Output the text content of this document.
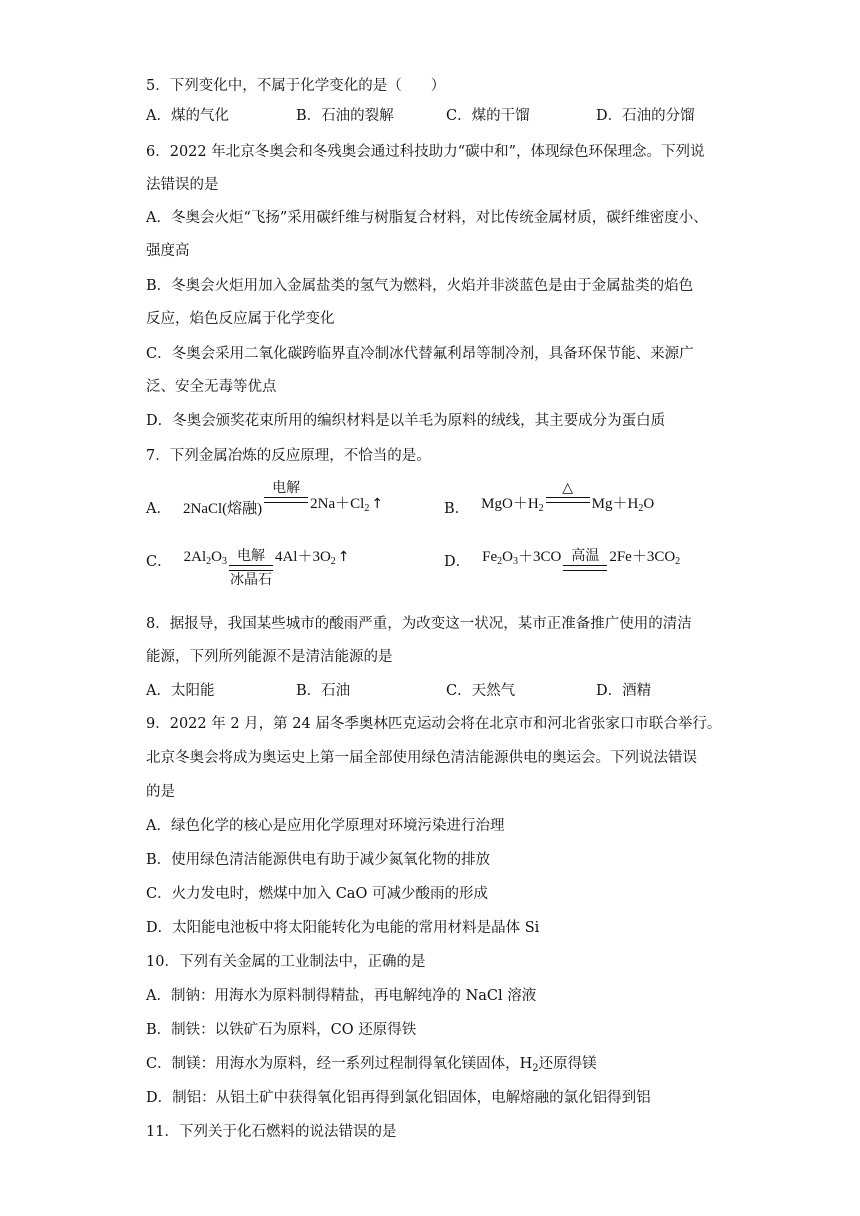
5．下列变化中，不属于化学变化的是（　　）
A．煤的气化	B．石油的裂解	C．煤的干馏	D．石油的分馏
6．2022 年北京冬奥会和冬残奥会通过科技助力“碳中和”，体现绿色环保理念。下列说
法错误的是
A．冬奥会火炬“飞扬”采用碳纤维与树脂复合材料，对比传统金属材质，碳纤维密度小、
强度高
B．冬奥会火炬用加入金属盐类的氢气为燃料，火焰并非淡蓝色是由于金属盐类的焰色
反应，焰色反应属于化学变化
C．冬奥会采用二氧化碳跨临界直冷制冰代替氟利昂等制冷剂，具备环保节能、来源广
泛、安全无毒等优点
D．冬奥会颁奖花束所用的编织材料是以羊毛为原料的绒线，其主要成分为蛋白质
7．下列金属冶炼的反应原理，不恰当的是。
A． 2NaCl(熔融)
电解

$2Na+Cl_2$ ↑	B． $MgO+H_2$
△

$Mg+H_2O$
C． $2Al_2O_3$ 电解
冰晶石
$4Al+3O_2$ ↑	D． $Fe_2O_3+3CO$ 高温
$2Fe+3CO_2$
8．据报导，我国某些城市的酸雨严重，为改变这一状况，某市正准备推广使用的清洁
能源，下列所列能源不是清洁能源的是
A．太阳能	B．石油	C．天然气	D．酒精
9．2022 年 2 月，第 24 届冬季奥林匹克运动会将在北京市和河北省张家口市联合举行。
北京冬奥会将成为奥运史上第一届全部使用绿色清洁能源供电的奥运会。下列说法错误
的是
A．绿色化学的核心是应用化学原理对环境污染进行治理
B．使用绿色清洁能源供电有助于减少氮氧化物的排放
C．火力发电时，燃煤中加入 CaO 可减少酸雨的形成
D．太阳能电池板中将太阳能转化为电能的常用材料是晶体 Si
10．下列有关金属的工业制法中，正确的是
A．制钠：用海水为原料制得精盐，再电解纯净的 NaCl 溶液
B．制铁：以铁矿石为原料，CO 还原得铁
C．制镁：用海水为原料，经一系列过程制得氧化镁固体，$H_2$还原得镁
D．制铝：从铝土矿中获得氧化铝再得到氯化铝固体，电解熔融的氯化铝得到铝
11．下列关于化石燃料的说法错误的是
